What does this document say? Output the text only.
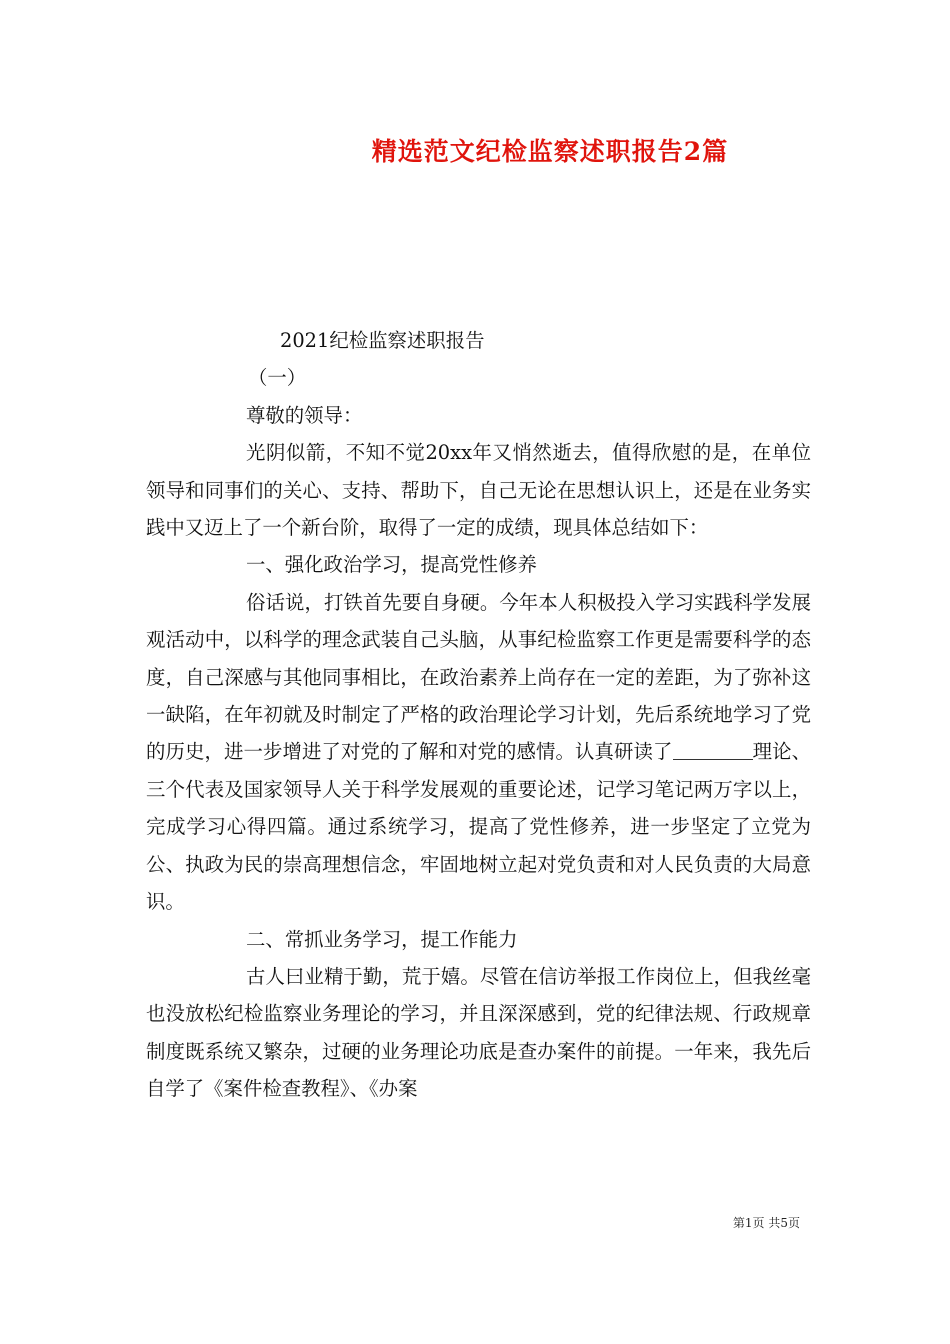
精选范文纪检监察述职报告2篇

2021纪检监察述职报告

（一）

尊敬的领导：

光阴似箭，不知不觉20xx年又悄然逝去，值得欣慰的是，在单位领导和同事们的关心、支持、帮助下，自己无论在思想认识上，还是在业务实践中又迈上了一个新台阶，取得了一定的成绩，现具体总结如下：

一、强化政治学习，提高党性修养

俗话说，打铁首先要自身硬。今年本人积极投入学习实践科学发展观活动中，以科学的理念武装自己头脑，从事纪检监察工作更是需要科学的态度，自己深感与其他同事相比，在政治素养上尚存在一定的差距，为了弥补这一缺陷，在年初就及时制定了严格的政治理论学习计划，先后系统地学习了党的历史，进一步增进了对党的了解和对党的感情。认真研读了	理论、三个代表及国家领导人关于科学发展观的重要论述，记学习笔记两万字以上，完成学习心得四篇。通过系统学习，提高了党性修养，进一步坚定了立党为公、执政为民的崇高理想信念，牢固地树立起对党负责和对人民负责的大局意识。

二、常抓业务学习，提工作能力

古人曰业精于勤，荒于嬉。尽管在信访举报工作岗位上，但我丝毫也没放松纪检监察业务理论的学习，并且深深感到，党的纪律法规、行政规章制度既系统又繁杂，过硬的业务理论功底是查办案件的前提。一年来，我先后自学了《案件检查教程》、《办案

第1页 共5页
